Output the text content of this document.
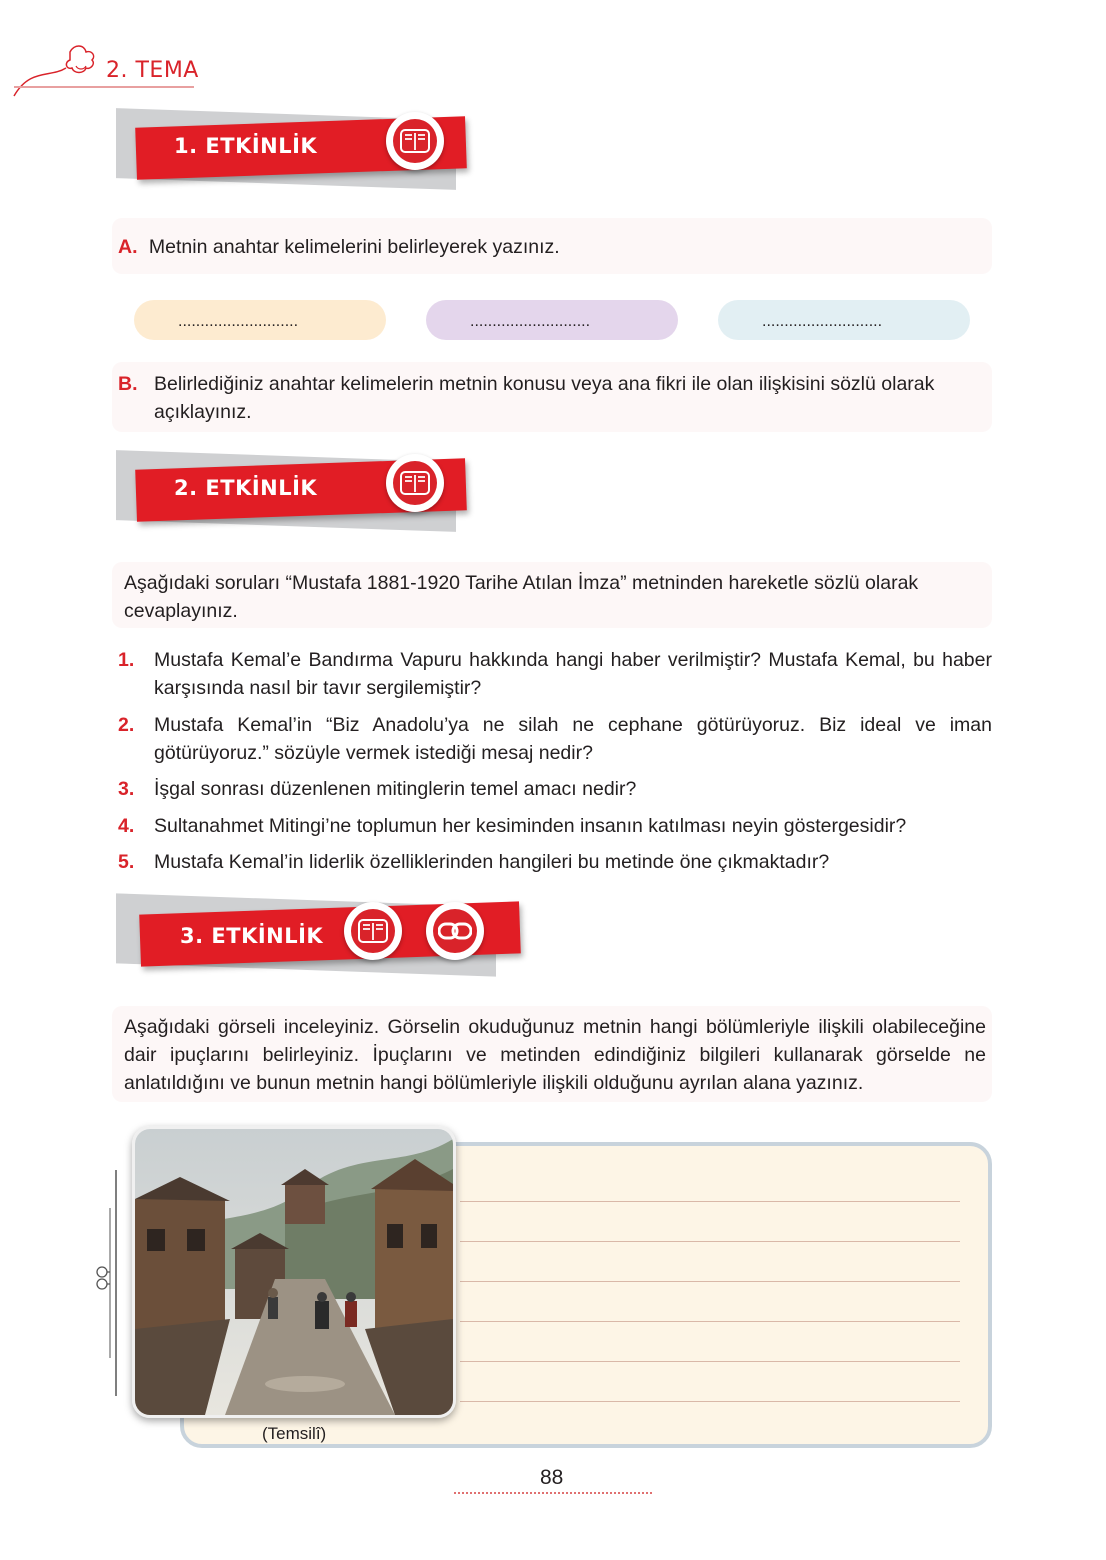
2. TEMA
1. ETKİNLİK
A. Metnin anahtar kelimelerini belirleyerek yazınız.
...........................	...........................	...........................
B. Belirlediğiniz anahtar kelimelerin metnin konusu veya ana fikri ile olan ilişkisini sözlü olarak açıklayınız.
2. ETKİNLİK
Aşağıdaki soruları “Mustafa 1881-1920 Tarihe Atılan İmza” metninden hareketle sözlü olarak cevaplayınız.
1.	Mustafa Kemal’e Bandırma Vapuru hakkında hangi haber verilmiştir? Mustafa Kemal, bu haber karşısında nasıl bir tavır sergilemiştir?
2.	Mustafa Kemal’in “Biz Anadolu’ya ne silah ne cephane götürüyoruz. Biz ideal ve iman götürüyoruz.” sözüyle vermek istediği mesaj nedir?
3.	İşgal sonrası düzenlenen mitinglerin temel amacı nedir?
4.	Sultanahmet Mitingi’ne toplumun her kesiminden insanın katılması neyin göstergesidir?
5.	Mustafa Kemal’in liderlik özelliklerinden hangileri bu metinde öne çıkmaktadır?
3. ETKİNLİK
Aşağıdaki görseli inceleyiniz. Görselin okuduğunuz metnin hangi bölümleriyle ilişkili olabileceğine dair ipuçlarını belirleyiniz. İpuçlarını ve metinden edindiğiniz bilgileri kullanarak görselde ne anlatıldığını ve bunun metnin hangi bölümleriyle ilişkili olduğunu ayrılan alana yazınız.
(Temsilî)
88
